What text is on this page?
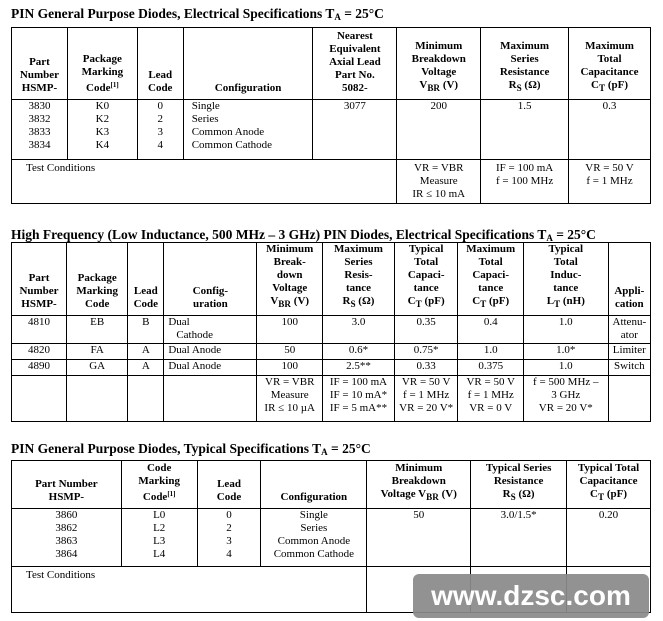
PIN General Purpose Diodes, Electrical Specifications $T_A = 25^\circ C$
Part
Number
HSMP-	Package
Marking
Code[1]	Lead
Code	Configuration	Nearest
Equivalent
Axial Lead
Part No.
5082-	Minimum
Breakdown
Voltage
$V_{BR}$ (V)	Maximum
Series
Resistance
$R_S$ (Ω)	Maximum
Total
Capacitance
$C_T$ (pF)

3830
3832
3833
3834	K0
K2
K3
K4	0
2
3
4	Single
Series
Common Anode
Common Cathode	3077	200	1.5	0.3
Test Conditions					VR = VBR
Measure
IR ≤ 10 mA	IF = 100 mA
f = 100 MHz	VR = 50 V
f = 1 MHz
High Frequency (Low Inductance, 500 MHz – 3 GHz) PIN Diodes, Electrical Specifications $T_A = 25^\circ C$
Part
Number
HSMP-	Package
Marking
Code	Lead
Code	Config-
uration	Minimum
Break-
down
Voltage
$V_{BR}$ (V)	Maximum
Series
Resis-
tance
$R_S$ (Ω)	Typical
Total
Capaci-
tance
$C_T$ (pF)	Maximum
Total
Capaci-
tance
$C_T$ (pF)	Typical
Total
Induc-
tance
$L_T$ (nH)	Appli-
cation

4810	EB	B	Dual
Cathode	100	3.0	0.35	0.4	1.0	Attenu-
ator

4820	FA	A	Dual Anode	50	0.6*	0.75*	1.0	1.0*	Limiter
4890	GA	A	Dual Anode	100	2.5**	0.33	0.375	1.0	Switch

				VR = VBR
Measure
IR ≤ 10 µA	IF = 100 mA
IF = 10 mA*
IF = 5 mA**	VR = 50 V
f = 1 MHz
VR = 20 V*	VR = 50 V
f = 1 MHz
VR = 0 V	f = 500 MHz –
3 GHz
VR = 20 V*	

PIN General Purpose Diodes, Typical Specifications $T_A = 25^\circ C$
Part Number
HSMP-	Code
Marking
Code[1]	Lead
Code	Configuration	Minimum
Breakdown
Voltage $V_{BR}$ (V)	Typical Series
Resistance
$R_S$ (Ω)	Typical Total
Capacitance
$C_T$ (pF)

3860
3862
3863
3864	L0
L2
L3
L4	0
2
3
4	Single
Series
Common Anode
Common Cathode	50	3.0/1.5*	0.20
Test Conditions						
www.dzsc.com
